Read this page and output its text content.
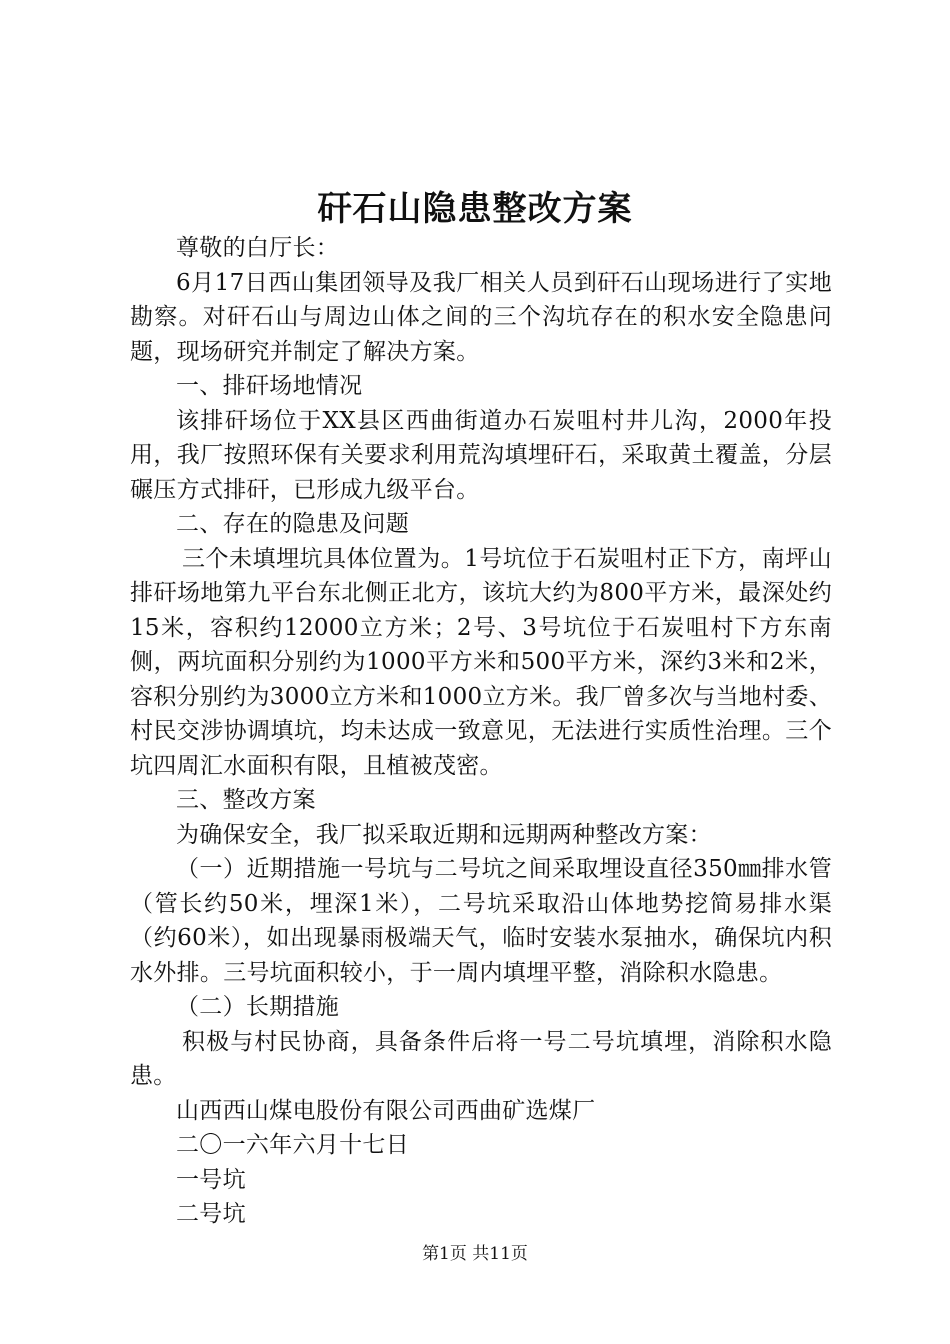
矸石山隐患整改方案

尊敬的白厅长：

6月17日西山集团领导及我厂相关人员到矸石山现场进行了实地勘察。对矸石山与周边山体之间的三个沟坑存在的积水安全隐患问题，现场研究并制定了解决方案。

一、排矸场地情况

该排矸场位于XX县区西曲街道办石炭咀村井儿沟，2000年投用，我厂按照环保有关要求利用荒沟填埋矸石，采取黄土覆盖，分层碾压方式排矸，已形成九级平台。

二、存在的隐患及问题

三个未填埋坑具体位置为。1号坑位于石炭咀村正下方，南坪山排矸场地第九平台东北侧正北方，该坑大约为800平方米，最深处约15米，容积约12000立方米；2号、3号坑位于石炭咀村下方东南侧，两坑面积分别约为1000平方米和500平方米，深约3米和2米，容积分别约为3000立方米和1000立方米。我厂曾多次与当地村委、村民交涉协调填坑，均未达成一致意见，无法进行实质性治理。三个坑四周汇水面积有限，且植被茂密。

三、整改方案

为确保安全，我厂拟采取近期和远期两种整改方案：

（一）近期措施一号坑与二号坑之间采取埋设直径350㎜排水管（管长约50米，埋深1米），二号坑采取沿山体地势挖简易排水渠（约60米），如出现暴雨极端天气，临时安装水泵抽水，确保坑内积水外排。三号坑面积较小，于一周内填埋平整，消除积水隐患。

（二）长期措施

积极与村民协商，具备条件后将一号二号坑填埋，消除积水隐患。

山西西山煤电股份有限公司西曲矿选煤厂

二〇一六年六月十七日

一号坑

二号坑

第1页 共11页
